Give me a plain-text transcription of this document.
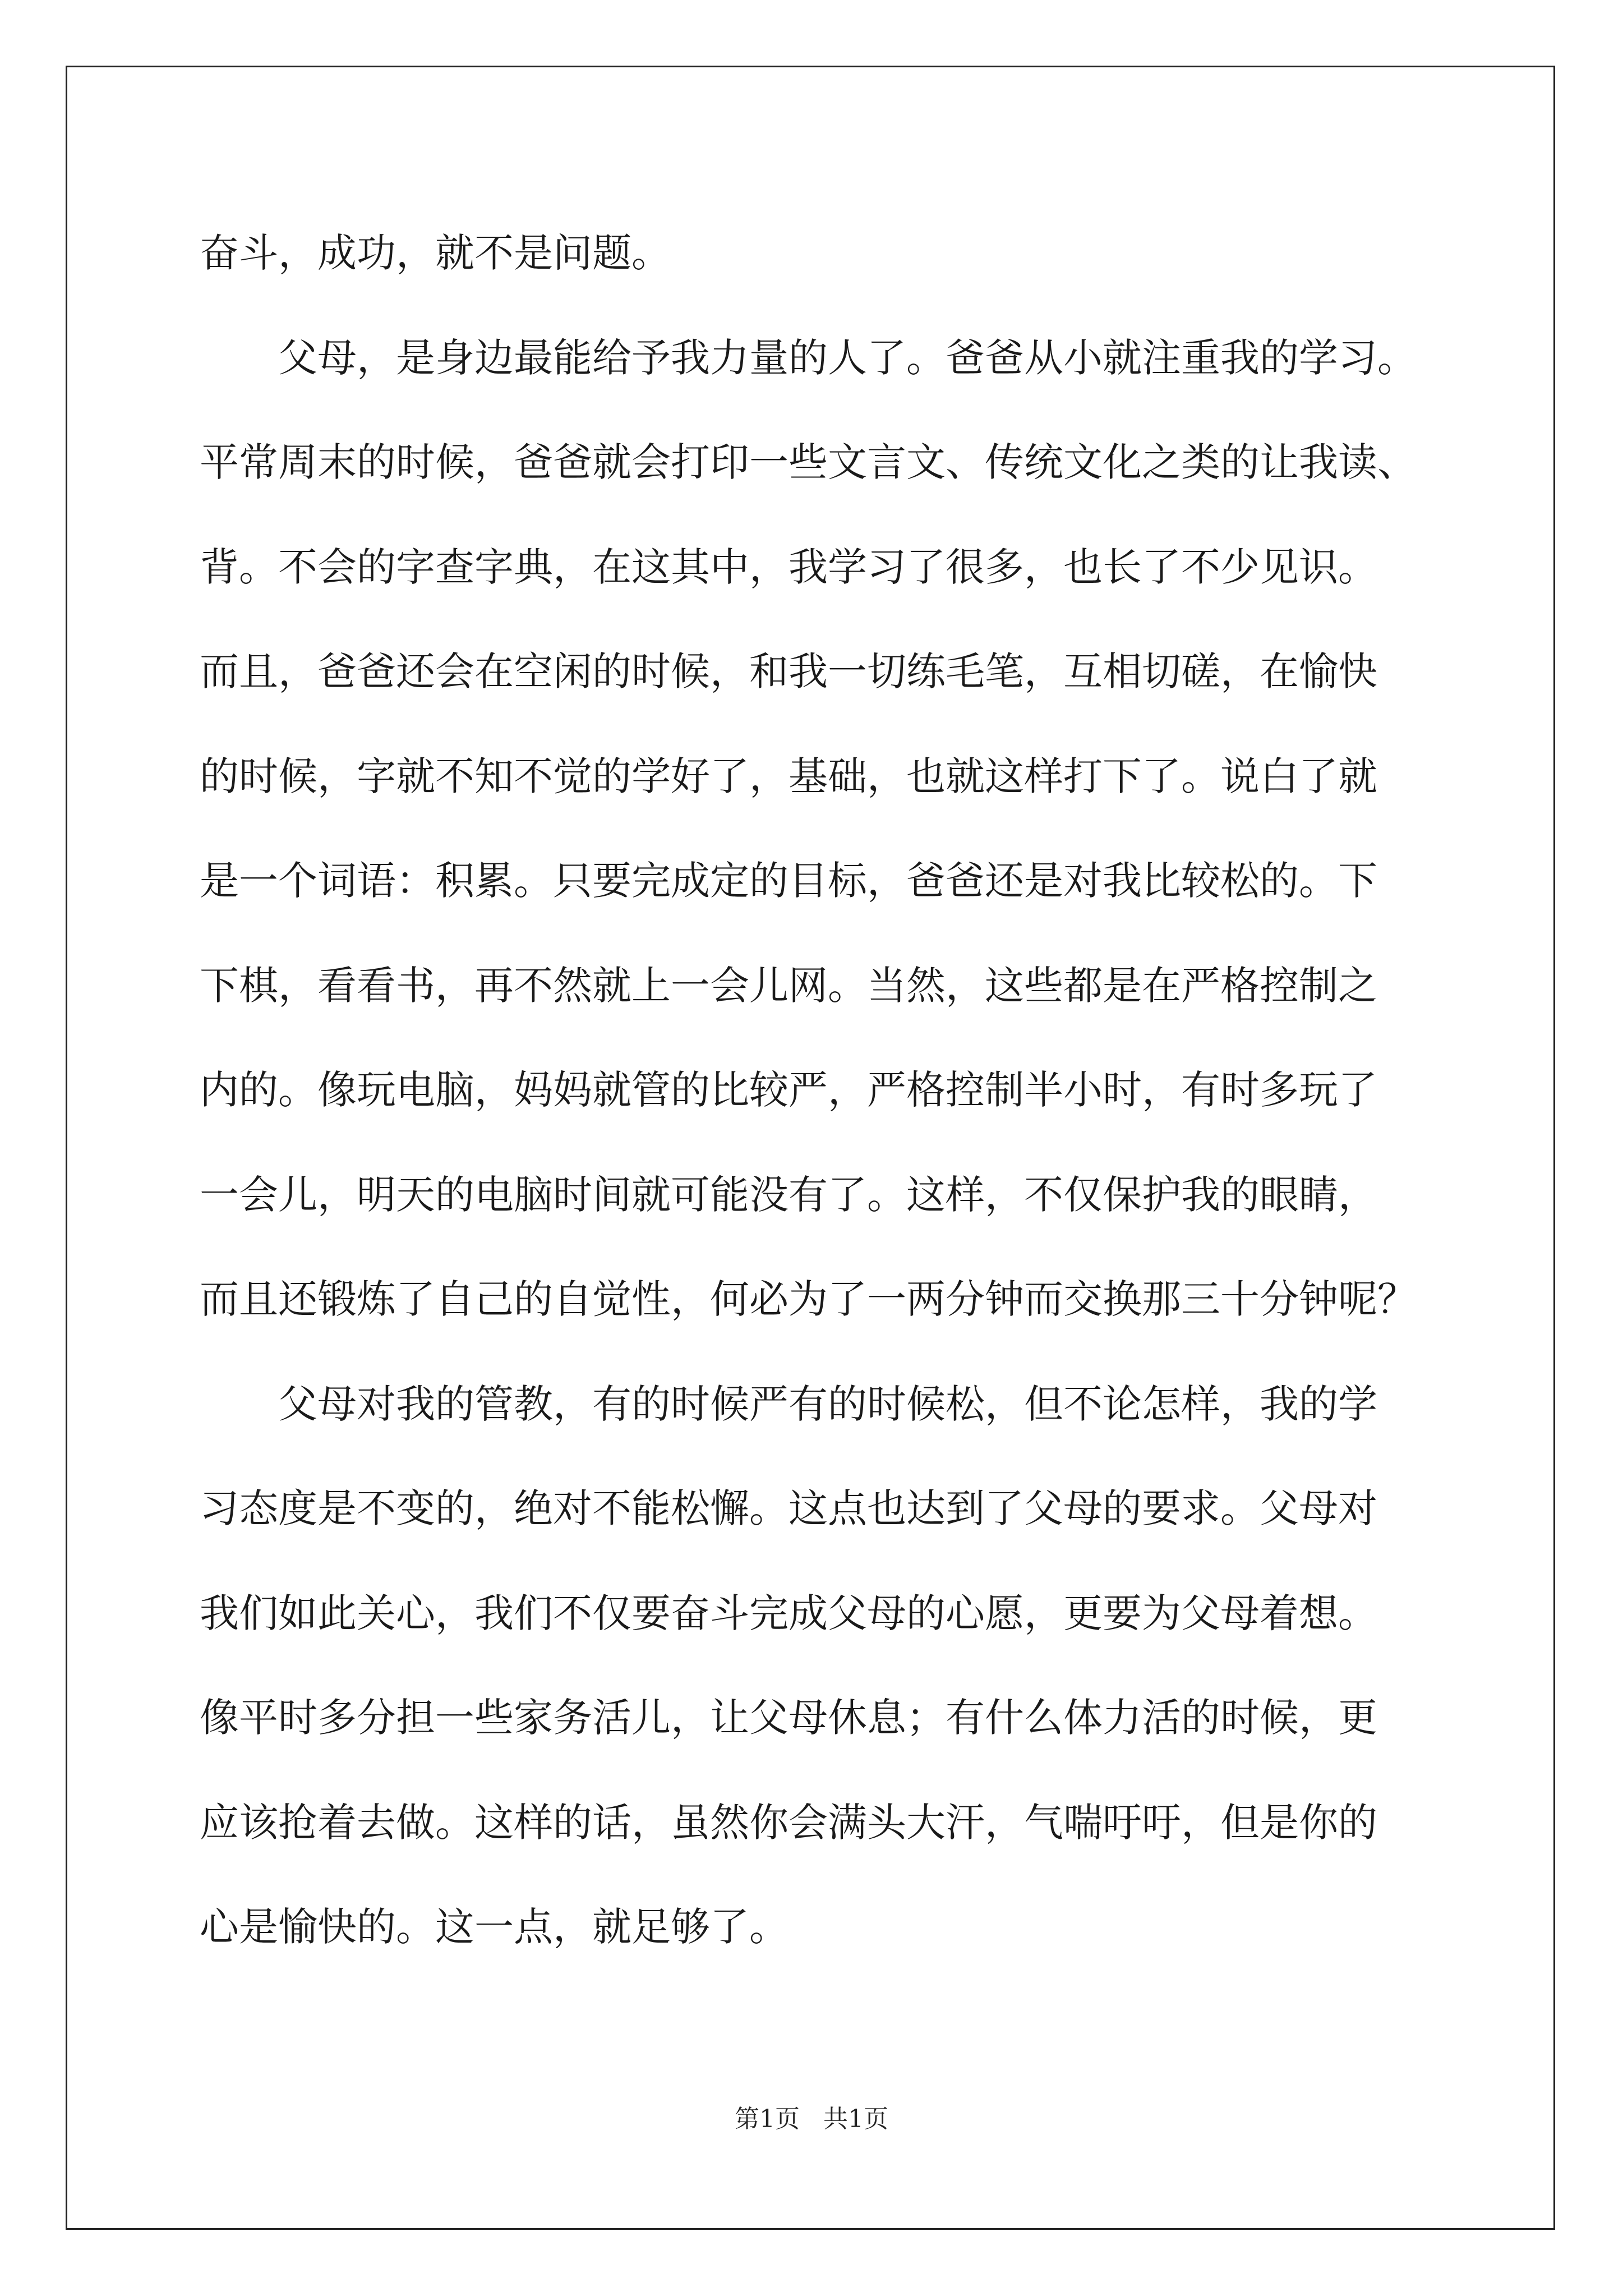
奋斗，成功，就不是问题。
父母，是身边最能给予我力量的人了。爸爸从小就注重我的学习。
平常周末的时候，爸爸就会打印一些文言文、传统文化之类的让我读、
背。不会的字查字典，在这其中，我学习了很多，也长了不少见识。
而且，爸爸还会在空闲的时候，和我一切练毛笔，互相切磋，在愉快
的时候，字就不知不觉的学好了，基础，也就这样打下了。说白了就
是一个词语：积累。只要完成定的目标，爸爸还是对我比较松的。下
下棋，看看书，再不然就上一会儿网。当然，这些都是在严格控制之
内的。像玩电脑，妈妈就管的比较严，严格控制半小时，有时多玩了
一会儿，明天的电脑时间就可能没有了。这样，不仅保护我的眼睛，
而且还锻炼了自己的自觉性，何必为了一两分钟而交换那三十分钟呢？
父母对我的管教，有的时候严有的时候松，但不论怎样，我的学
习态度是不变的，绝对不能松懈。这点也达到了父母的要求。父母对
我们如此关心，我们不仅要奋斗完成父母的心愿，更要为父母着想。
像平时多分担一些家务活儿，让父母休息；有什么体力活的时候，更
应该抢着去做。这样的话，虽然你会满头大汗，气喘吁吁，但是你的
心是愉快的。这一点，就足够了。
第1页   共1页
